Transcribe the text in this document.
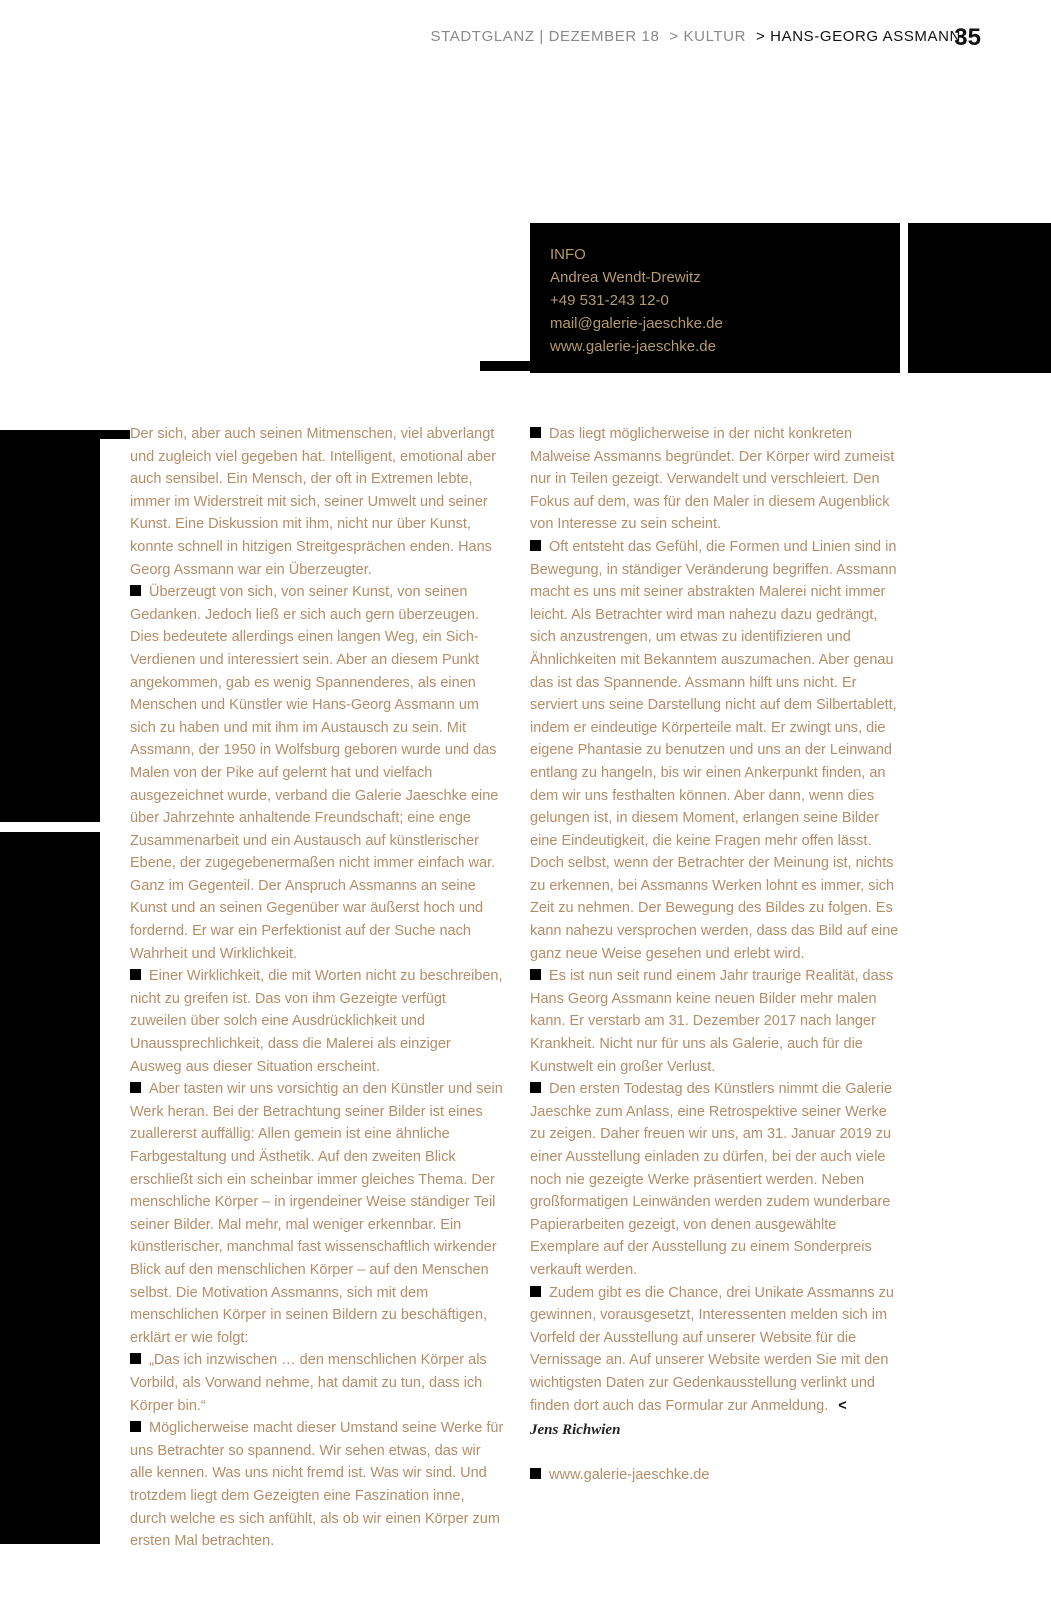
STADTGLANZ | DEZEMBER 18 > KULTUR > HANS-GEORG ASSMANN
35
INFO
Andrea Wendt-Drewitz
+49 531-243 12-0
mail@galerie-jaeschke.de
www.galerie-jaeschke.de

Der sich, aber auch seinen Mitmenschen, viel abverlangt und zugleich viel gegeben hat. Intelligent, emotional aber auch sensibel. Ein Mensch, der oft in Extremen lebte, immer im Widerstreit mit sich, seiner Umwelt und seiner Kunst. Eine Diskussion mit ihm, nicht nur über Kunst, konnte schnell in hitzigen Streitgesprächen enden. Hans Georg Assmann war ein Überzeugter.

Überzeugt von sich, von seiner Kunst, von seinen Gedanken. Jedoch ließ er sich auch gern überzeugen. Dies bedeutete allerdings einen langen Weg, ein Sich-Verdienen und interessiert sein. Aber an diesem Punkt angekommen, gab es wenig Spannenderes, als einen Menschen und Künstler wie Hans-Georg Assmann um sich zu haben und mit ihm im Austausch zu sein. Mit Assmann, der 1950 in Wolfsburg geboren wurde und das Malen von der Pike auf gelernt hat und vielfach ausgezeichnet wurde, verband die Galerie Jaeschke eine über Jahrzehnte anhaltende Freundschaft; eine enge Zusammenarbeit und ein Austausch auf künstlerischer Ebene, der zugegebenermaßen nicht immer einfach war. Ganz im Gegenteil. Der Anspruch Assmanns an seine Kunst und an seinen Gegenüber war äußerst hoch und fordernd. Er war ein Perfektionist auf der Suche nach Wahrheit und Wirklichkeit.

Einer Wirklichkeit, die mit Worten nicht zu beschreiben, nicht zu greifen ist. Das von ihm Gezeigte verfügt zuweilen über solch eine Ausdrücklichkeit und Unaussprechlichkeit, dass die Malerei als einziger Ausweg aus dieser Situation erscheint.

Aber tasten wir uns vorsichtig an den Künstler und sein Werk heran. Bei der Betrachtung seiner Bilder ist eines zuallererst auffällig: Allen gemein ist eine ähnliche Farbgestaltung und Ästhetik. Auf den zweiten Blick erschließt sich ein scheinbar immer gleiches Thema. Der menschliche Körper – in irgendeiner Weise ständiger Teil seiner Bilder. Mal mehr, mal weniger erkennbar. Ein künstlerischer, manchmal fast wissenschaftlich wirkender Blick auf den menschlichen Körper – auf den Menschen selbst. Die Motivation Assmanns, sich mit dem menschlichen Körper in seinen Bildern zu beschäftigen, erklärt er wie folgt:

„Das ich inzwischen … den menschlichen Körper als Vorbild, als Vorwand nehme, hat damit zu tun, dass ich Körper bin.“

Möglicherweise macht dieser Umstand seine Werke für uns Betrachter so spannend. Wir sehen etwas, das wir alle kennen. Was uns nicht fremd ist. Was wir sind. Und trotzdem liegt dem Gezeigten eine Faszination inne, durch welche es sich anfühlt, als ob wir einen Körper zum ersten Mal betrachten.

Das liegt möglicherweise in der nicht konkreten Malweise Assmanns begründet. Der Körper wird zumeist nur in Teilen gezeigt. Verwandelt und verschleiert. Den Fokus auf dem, was für den Maler in diesem Augenblick von Interesse zu sein scheint.

Oft entsteht das Gefühl, die Formen und Linien sind in Bewegung, in ständiger Veränderung begriffen. Assmann macht es uns mit seiner abstrakten Malerei nicht immer leicht. Als Betrachter wird man nahezu dazu gedrängt, sich anzustrengen, um etwas zu identifizieren und Ähnlichkeiten mit Bekanntem auszumachen. Aber genau das ist das Spannende. Assmann hilft uns nicht. Er serviert uns seine Darstellung nicht auf dem Silbertablett, indem er eindeutige Körperteile malt. Er zwingt uns, die eigene Phantasie zu benutzen und uns an der Leinwand entlang zu hangeln, bis wir einen Ankerpunkt finden, an dem wir uns festhalten können. Aber dann, wenn dies gelungen ist, in diesem Moment, erlangen seine Bilder eine Eindeutigkeit, die keine Fragen mehr offen lässt. Doch selbst, wenn der Betrachter der Meinung ist, nichts zu erkennen, bei Assmanns Werken lohnt es immer, sich Zeit zu nehmen. Der Bewegung des Bildes zu folgen. Es kann nahezu versprochen werden, dass das Bild auf eine ganz neue Weise gesehen und erlebt wird.

Es ist nun seit rund einem Jahr traurige Realität, dass Hans Georg Assmann keine neuen Bilder mehr malen kann. Er verstarb am 31. Dezember 2017 nach langer Krankheit. Nicht nur für uns als Galerie, auch für die Kunstwelt ein großer Verlust.

Den ersten Todestag des Künstlers nimmt die Galerie Jaeschke zum Anlass, eine Retrospektive seiner Werke zu zeigen. Daher freuen wir uns, am 31. Januar 2019 zu einer Ausstellung einladen zu dürfen, bei der auch viele noch nie gezeigte Werke präsentiert werden. Neben großformatigen Leinwänden werden zudem wunderbare Papierarbeiten gezeigt, von denen ausgewählte Exemplare auf der Ausstellung zu einem Sonderpreis verkauft werden.

Zudem gibt es die Chance, drei Unikate Assmanns zu gewinnen, vorausgesetzt, Interessenten melden sich im Vorfeld der Ausstellung auf unserer Website für die Vernissage an. Auf unserer Website werden Sie mit den wichtigsten Daten zur Gedenkausstellung verlinkt und finden dort auch das Formular zur Anmeldung. <

Jens Richwien
www.galerie-jaeschke.de
